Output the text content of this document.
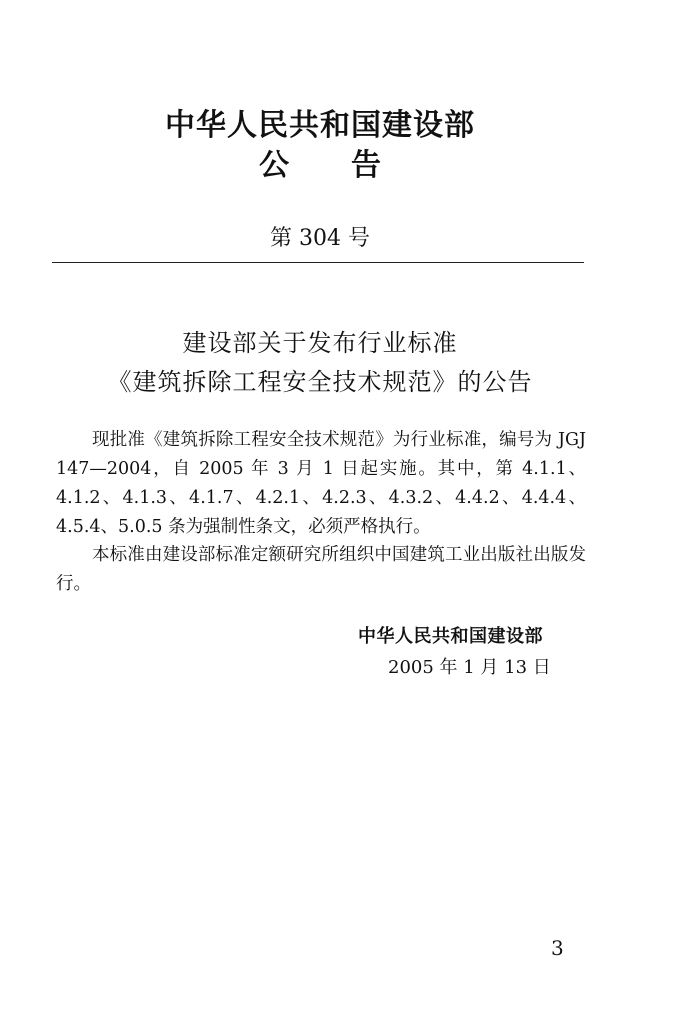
中华人民共和国建设部
公告
第 304 号
建设部关于发布行业标准
《建筑拆除工程安全技术规范》的公告

现批准《建筑拆除工程安全技术规范》为行业标准，编号为 JGJ 147—2004，自 2005 年 3 月 1 日起实施。其中，第 4.1.1、4.1.2、4.1.3、4.1.7、4.2.1、4.2.3、4.3.2、4.4.2、4.4.4、4.5.4、5.0.5 条为强制性条文，必须严格执行。

本标准由建设部标准定额研究所组织中国建筑工业出版社出版发行。

中华人民共和国建设部
2005 年 1 月 13 日
3
